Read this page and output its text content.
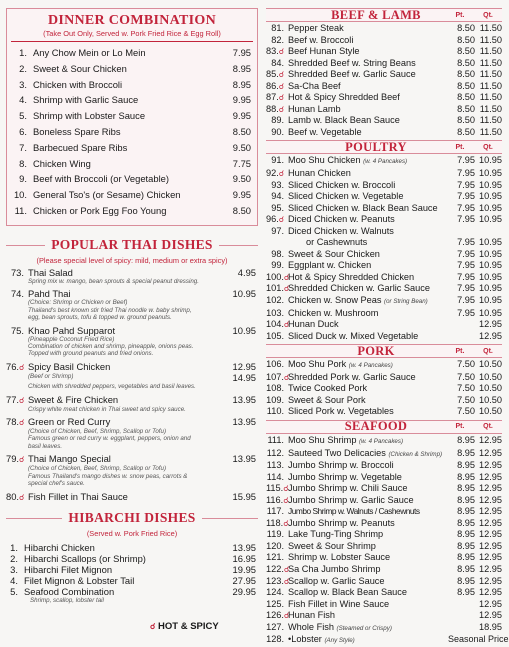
DINNER COMBINATION
(Take Out Only, Served w. Pork Fried Rice & Egg Roll)
1. Any Chow Mein or Lo Mein	7.95
2. Sweet & Sour Chicken	8.95
3. Chicken with Broccoli	8.95
4. Shrimp with Garlic Sauce	9.95
5. Shrimp with Lobster Sauce	9.95
6. Boneless Spare Ribs	8.50
7. Barbecued Spare Ribs	9.50
8. Chicken Wing	7.75
9. Beef with Broccoli (or Vegetable)	9.50
10. General Tso's (or Sesame) Chicken	9.95
11. Chicken or Pork Egg Foo Young	8.50
POPULAR THAI DISHES
(Please special level of spicy: mild, medium or extra spicy)
73. Thai Salad	4.95
Spring mix w. mango, bean sprouts & special peanut dressing.
74. Pahd Thai	10.95
(Choice: Shrimp or Chicken or Beef)
Thailand's best known stir fried Thai noodle w. baby shrimp,
egg, bean sprouts, tofu & topped w. ground peanuts.
75. Khao Pahd Supparot	10.95
(Pineapple Coconut Fried Rice)
Combination of chicken and shrimp, pineapple, onions peas.
Topped with ground peanuts and fried onions.
76.☌ Spicy Basil Chicken	12.95
(Beef or Shrimp)	14.95
Chicken with shredded peppers, vegetables and basil leaves.
77.☌ Sweet & Fire Chicken	13.95
Crispy white meat chicken in Thai sweet and spicy sauce.
78.☌ Green or Red Curry	13.95
(Choice of Chicken, Beef, Shrimp, Scallop or Tofu)
Famous green or red curry w. eggplant, peppers, onion and
basil leaves.
79.☌ Thai Mango Special	13.95
(Choice of Chicken, Beef, Shrimp, Scallop or Tofu)
Famous Thailand's mango dishes w. snow peas, carrots &
special chef's sauce.
80.☌ Fish Fillet in Thai Sauce	15.95
HIBARCHI DISHES
(Served w. Pork Fried Rice)
1. Hibarchi Chicken	13.95
2. Hibarchi Scallops (or Shrimp)	16.95
3. Hibarchi Filet Mignon	19.95
4. Filet Mignon & Lobster Tail	27.95
5. Seafood Combination	29.95
Shrimp, scallop, lobster tail
☌ HOT & SPICY
BEEF & LAMB	Pt.	Qt.
81. Pepper Steak	8.50 11.50
82. Beef w. Broccoli	8.50 11.50
83.☌ Beef Hunan Style	8.50 11.50
84. Shredded Beef w. String Beans	8.50 11.50
85.☌ Shredded Beef w. Garlic Sauce	8.50 11.50
86.☌ Sa-Cha Beef	8.50 11.50
87.☌ Hot & Spicy Shredded Beef	8.50 11.50
88.☌ Hunan Lamb	8.50 11.50
89. Lamb w. Black Bean Sauce	8.50 11.50
90. Beef w. Vegetable	8.50 11.50
POULTRY	Pt.	Qt.
91. Moo Shu Chicken (w. 4 Pancakes)	7.95 10.95
92.☌ Hunan Chicken	7.95 10.95
93. Sliced Chicken w. Broccoli	7.95 10.95
94. Sliced Chicken w. Vegetable	7.95 10.95
95. Sliced Chicken w. Black Bean Sauce	7.95 10.95
96.☌ Diced Chicken w. Peanuts	7.95 10.95
97. Diced Chicken w. Walnuts
or Cashewnuts	7.95 10.95
98. Sweet & Sour Chicken	7.95 10.95
99. Eggplant w. Chicken	7.95 10.95
100.☌
Hot & Spicy Shredded Chicken	7.95 10.95
101.☌
Shredded Chicken w. Garlic Sauce	7.95 10.95
102. Chicken w. Snow Peas (or String Bean)	7.95 10.95
103. Chicken w. Mushroom	7.95 10.95
104.☌
Hunan Duck	12.95
105. Sliced Duck w. Mixed Vegetable	12.95
PORK	Pt.	Qt.
106. Moo Shu Pork (w. 4 Pancakes)	7.50 10.50
107.☌
Shredded Pork w. Garlic Sauce	7.50 10.50
108. Twice Cooked Pork	7.50 10.50
109. Sweet & Sour Pork	7.50 10.50
110. Sliced Pork w. Vegetables	7.50 10.50
SEAFOOD	Pt.	Qt.
111. Moo Shu Shrimp (w. 4 Pancakes)	8.95 12.95
112. Sauteed Two Delicacies (Chicken & Shrimp)	8.95 12.95
113. Jumbo Shrimp w. Broccoli	8.95 12.95
114. Jumbo Shrimp w. Vegetable	8.95 12.95
115.☌ Jumbo Shrimp w. Chili Sauce	8.95 12.95
116.☌ Jumbo Shrimp w. Garlic Sauce	8.95 12.95
117. Jumbo Shrimp w. Walnuts / Cashewnuts	8.95 12.95
118.☌ Jumbo Shrimp w. Peanuts	8.95 12.95
119. Lake Tung-Ting Shrimp	8.95 12.95
120. Sweet & Sour Shrimp	8.95 12.95
121. Shrimp w. Lobster Sauce	8.95 12.95
122.☌
Sa Cha Jumbo Shrimp	8.95 12.95
123.☌
Scallop w. Garlic Sauce	8.95 12.95
124. Scallop w. Black Bean Sauce	8.95 12.95
125. Fish Fillet in Wine Sauce	12.95
126.☌
Hunan Fish	12.95
127. Whole Fish (Steamed or Crispy)	18.95
128. •Lobster (Any Style)	Seasonal Price
